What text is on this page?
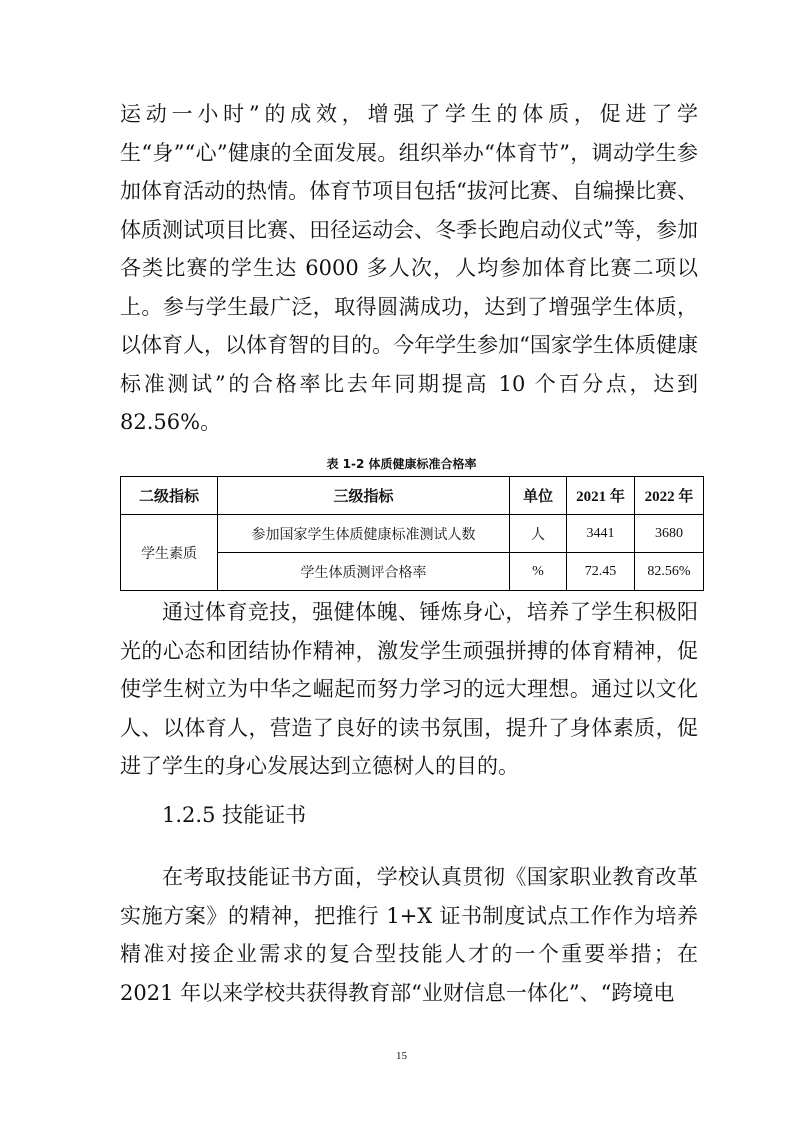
运动一小时”的成效，增强了学生的体质，促进了学生“身”“心”健康的全面发展。组织举办“体育节”，调动学生参加体育活动的热情。体育节项目包括“拔河比赛、自编操比赛、体质测试项目比赛、田径运动会、冬季长跑启动仪式”等，参加各类比赛的学生达 6000 多人次，人均参加体育比赛二项以上。参与学生最广泛，取得圆满成功，达到了增强学生体质，以体育人，以体育智的目的。今年学生参加“国家学生体质健康标准测试”的合格率比去年同期提高 10 个百分点，达到 82.56%。

表 1-2 体质健康标准合格率

二级指标	三级指标	单位	2021 年	2022 年
学生素质	参加国家学生体质健康标准测试人数	人	3441	3680
	学生体质测评合格率	%	72.45	82.56%

通过体育竞技，强健体魄、锤炼身心，培养了学生积极阳光的心态和团结协作精神，激发学生顽强拼搏的体育精神，促使学生树立为中华之崛起而努力学习的远大理想。通过以文化人、以体育人，营造了良好的读书氛围，提升了身体素质，促进了学生的身心发展达到立德树人的目的。

1.2.5 技能证书

在考取技能证书方面，学校认真贯彻《国家职业教育改革实施方案》的精神，把推行 1+X 证书制度试点工作作为培养精准对接企业需求的复合型技能人才的一个重要举措；在 2021 年以来学校共获得教育部“业财信息一体化”、“跨境电

15
